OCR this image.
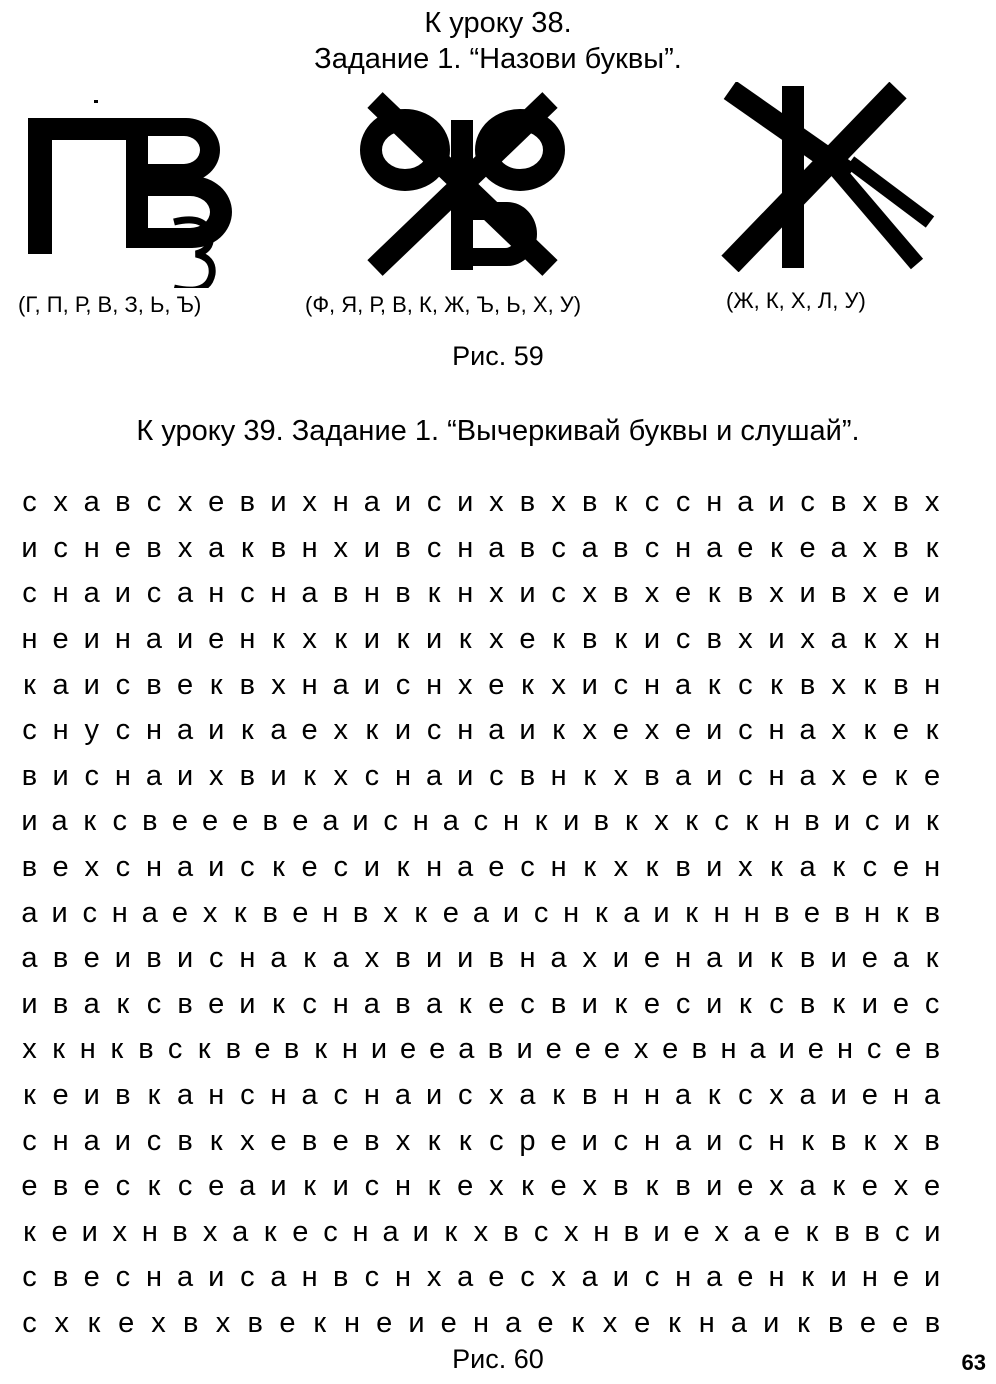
К уроку 38.
Задание 1. “Назови буквы”.
(Г, П, Р, В, З, Ь, Ъ)	(Ф, Я, Р, В, К, Ж, Ъ, Ь, Х, У)	(Ж, К, Х, Л, У)
Рис. 59
К уроку 39. Задание 1. “Вычеркивай буквы и слушай”.
с х а в с х е в и х н а и с и х в х в к с с н а и с в х в х
и с н е в х а к в н х и в с н а в с а в с н а е к е а х в к
с н а и с а н с н а в н в к н х и с х в х е к в х и в х е и
н е и н а и е н к х к и к и к х е к в к и с в х и х а к х н
к а и с в е к в х н а и с н х е к х и с н а к с к в х к в н
с н у с н а и к а е х к и с н а и к х е х е и с н а х к е к
в и с н а и х в и к х с н а и с в н к х в а и с н а х е к е
и а к с в е е е в е а и с н а с н к и в к х к с к н в и с и к
в е х с н а и с к е с и к н а е с н к х к в и х к а к с е н
а и с н а е х к в е н в х к е а и с н к а и к н н в е в н к в
а в е и в и с н а к а х в и и в н а х и е н а и к в и е а к
и в а к с в е и к с н а в а к е с в и к е с и к с в к и е с
х к н к в с к в е в к н и е е а в и е е е х е в н а и е н с е в
к е и в к а н с н а с н а и с х а к в н н а к с х а и е н а
с н а и с в к х е в е в х к к с р е и с н а и с н к в к х в
е в е с к с е а и к и с н к е х к е х в к в и е х а к е х е
к е и х н в х а к е с н а и к х в с х н в и е х а е к в в с и
с в е с н а и с а н в с н х а е с х а и с н а е н к и н е и
с х к е х в х в е к н е и е н а е к х е к н а и к в е е в
Рис. 60	63
